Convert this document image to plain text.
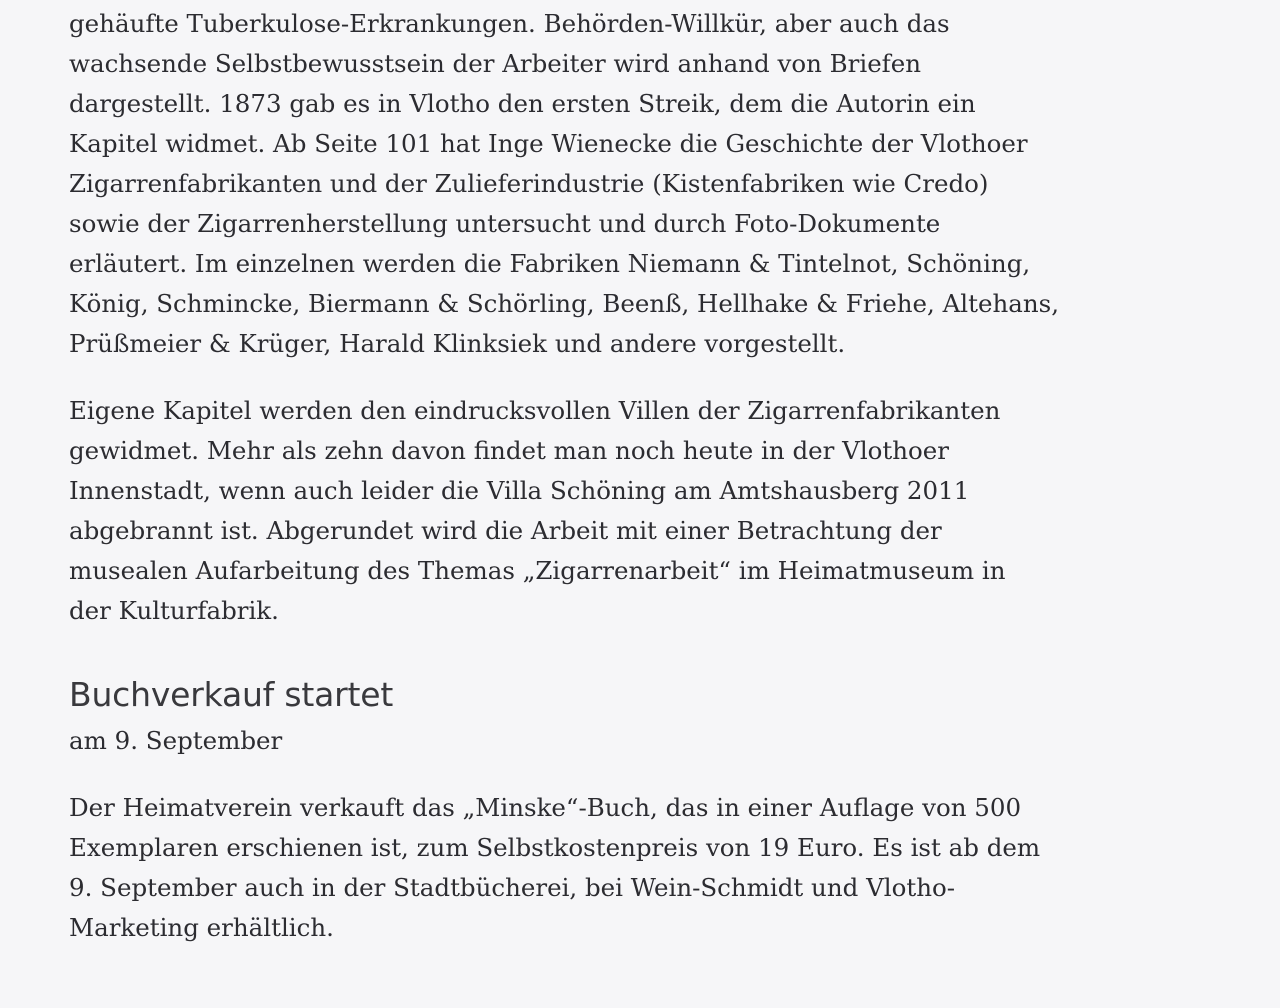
gehäufte Tuberkulose-Erkrankungen. Behörden-Willkür, aber auch das
wachsende Selbstbewusstsein der Arbeiter wird anhand von Briefen
dargestellt. 1873 gab es in Vlotho den ersten Streik, dem die Autorin ein
Kapitel widmet. Ab Seite 101 hat Inge Wienecke die Geschichte der Vlothoer
Zigarrenfabrikanten und der Zulieferindustrie (Kistenfabriken wie Credo)
sowie der Zigarrenherstellung untersucht und durch Foto-Dokumente
erläutert. Im einzelnen werden die Fabriken Niemann & Tintelnot, Schöning,
König, Schmincke, Biermann & Schörling, Beenß, Hellhake & Friehe, Altehans,
Prüßmeier & Krüger, Harald Klinksiek und andere vorgestellt.

Eigene Kapitel werden den eindrucksvollen Villen der Zigarrenfabrikanten
gewidmet. Mehr als zehn davon findet man noch heute in der Vlothoer
Innenstadt, wenn auch leider die Villa Schöning am Amtshausberg 2011
abgebrannt ist. Abgerundet wird die Arbeit mit einer Betrachtung der
musealen Aufarbeitung des Themas „Zigarrenarbeit“ im Heimatmuseum in
der Kulturfabrik.

Buchverkauf startet

am 9. September

Der Heimatverein verkauft das „Minske“-Buch, das in einer Auflage von 500
Exemplaren erschienen ist, zum Selbstkostenpreis von 19 Euro. Es ist ab dem
9. September auch in der Stadtbücherei, bei Wein-Schmidt und Vlotho-
Marketing erhältlich.
